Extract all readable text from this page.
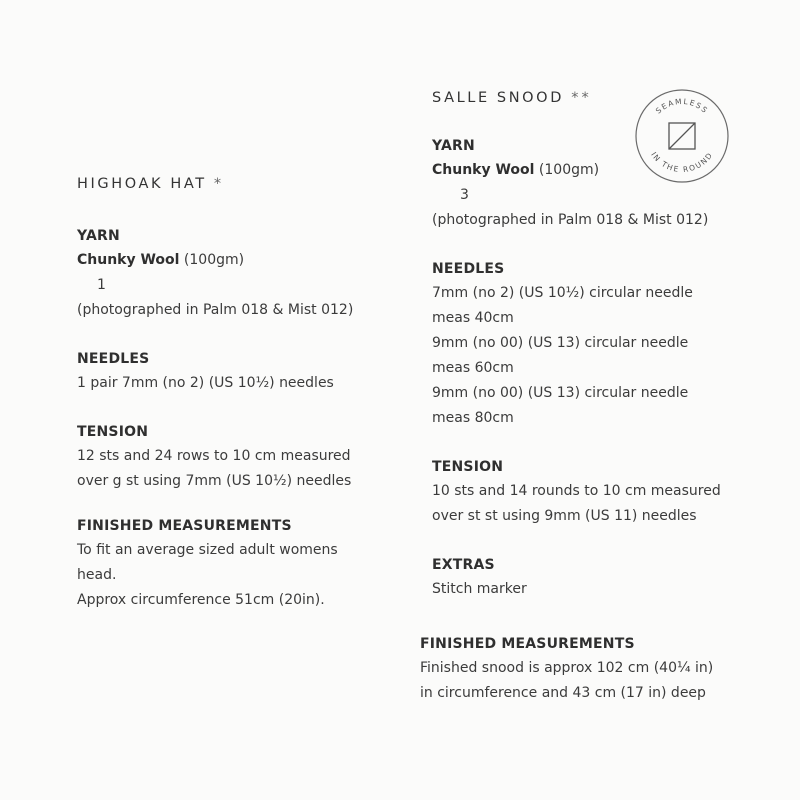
HIGHOAK HAT *

YARN

Chunky Wool (100gm)

1

(photographed in Palm 018 & Mist 012)

NEEDLES

1 pair 7mm (no 2) (US 10½) needles

TENSION

12 sts and 24 rows to 10 cm measured

over g st using 7mm (US 10½) needles

FINISHED MEASUREMENTS

To fit an average sized adult womens

head.

Approx circumference 51cm (20in).

SALLE SNOOD **

YARN

Chunky Wool (100gm)

3

(photographed in Palm 018 & Mist 012)

NEEDLES

7mm (no 2) (US 10½) circular needle

meas 40cm

9mm (no 00) (US 13) circular needle

meas 60cm

9mm (no 00) (US 13) circular needle

meas 80cm

TENSION

10 sts and 14 rounds to 10 cm measured

over st st using 9mm (US 11) needles

EXTRAS

Stitch marker

FINISHED MEASUREMENTS

Finished snood is approx 102 cm (40¼ in)

in circumference and 43 cm (17 in) deep

SEAMLESS
IN THE ROUND
